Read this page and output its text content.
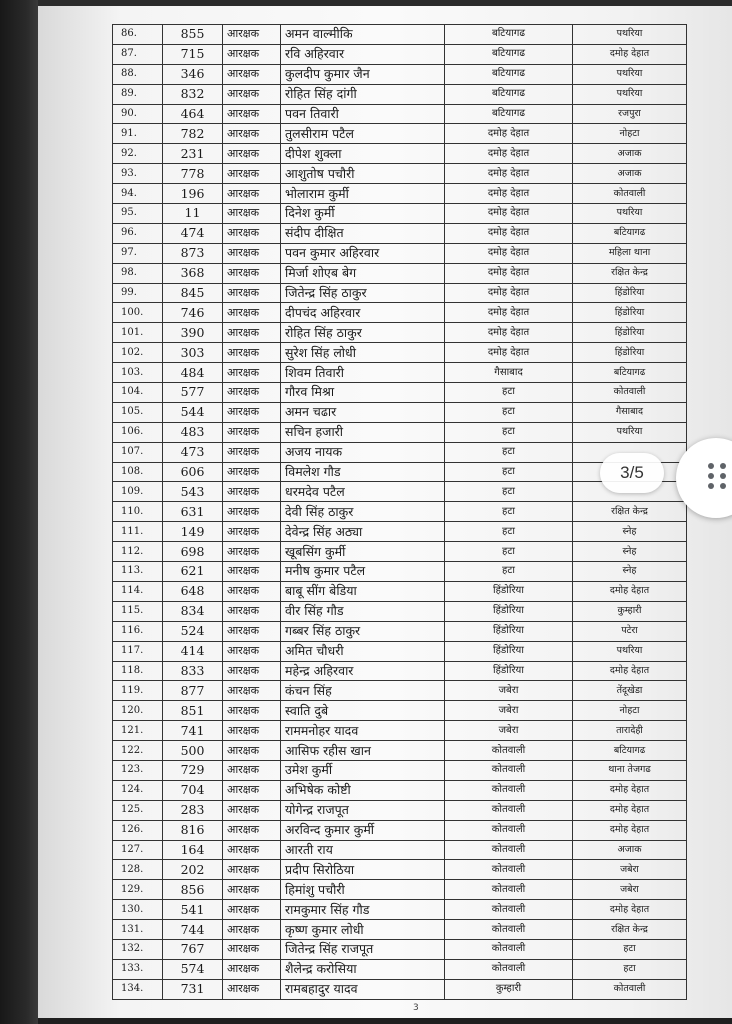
86.	855	आरक्षक	अमन वाल्मीकि	बटियागढ	पथरिया
87.	715	आरक्षक	रवि अहिरवार	बटियागढ	दमोह देहात
88.	346	आरक्षक	कुलदीप कुमार जैन	बटियागढ	पथरिया
89.	832	आरक्षक	रोहित सिंह दांगी	बटियागढ	पथरिया
90.	464	आरक्षक	पवन तिवारी	बटियागढ	रजपुरा
91.	782	आरक्षक	तुलसीराम पटैल	दमोह देहात	नोहटा
92.	231	आरक्षक	दीपेश शुक्ला	दमोह देहात	अजाक
93.	778	आरक्षक	आशुतोष पचौरी	दमोह देहात	अजाक
94.	196	आरक्षक	भोलाराम कुर्मी	दमोह देहात	कोतवाली
95.	11	आरक्षक	दिनेश कुर्मी	दमोह देहात	पथरिया
96.	474	आरक्षक	संदीप दीक्षित	दमोह देहात	बटियागढ
97.	873	आरक्षक	पवन कुमार अहिरवार	दमोह देहात	महिला थाना
98.	368	आरक्षक	मिर्जा शोएब बेग	दमोह देहात	रक्षित केन्द्र
99.	845	आरक्षक	जितेन्द्र सिंह ठाकुर	दमोह देहात	हिंडोरिया
100.	746	आरक्षक	दीपचंद अहिरवार	दमोह देहात	हिंडोरिया
101.	390	आरक्षक	रोहित सिंह ठाकुर	दमोह देहात	हिंडोरिया
102.	303	आरक्षक	सुरेश सिंह लोधी	दमोह देहात	हिंडोरिया
103.	484	आरक्षक	शिवम तिवारी	गैसाबाद	बटियागढ
104.	577	आरक्षक	गौरव मिश्रा	हटा	कोतवाली
105.	544	आरक्षक	अमन चढार	हटा	गैसाबाद
106.	483	आरक्षक	सचिन हजारी	हटा	पथरिया
107.	473	आरक्षक	अजय नायक	हटा	
108.	606	आरक्षक	विमलेश गौड	हटा	
109.	543	आरक्षक	धरमदेव पटैल	हटा	
110.	631	आरक्षक	देवी सिंह ठाकुर	हटा	रक्षित केन्द्र
111.	149	आरक्षक	देवेन्द्र सिंह अठ्या	हटा	स्नेह
112.	698	आरक्षक	खूबसिंग कुर्मी	हटा	स्नेह
113.	621	आरक्षक	मनीष कुमार पटैल	हटा	स्नेह
114.	648	आरक्षक	बाबू सींग बेडिया	हिंडोरिया	दमोह देहात
115.	834	आरक्षक	वीर सिंह गौड	हिंडोरिया	कुम्हारी
116.	524	आरक्षक	गब्बर सिंह ठाकुर	हिंडोरिया	पटेरा
117.	414	आरक्षक	अमित चौधरी	हिंडोरिया	पथरिया
118.	833	आरक्षक	महेन्द्र अहिरवार	हिंडोरिया	दमोह देहात
119.	877	आरक्षक	कंचन सिंह	जबेरा	तेंदूखेडा
120.	851	आरक्षक	स्वाति दुबे	जबेरा	नोहटा
121.	741	आरक्षक	राममनोहर यादव	जबेरा	तारादेही
122.	500	आरक्षक	आसिफ रहीस खान	कोतवाली	बटियागढ
123.	729	आरक्षक	उमेश कुर्मी	कोतवाली	थाना तेजगढ
124.	704	आरक्षक	अभिषेक कोष्टी	कोतवाली	दमोह देहात
125.	283	आरक्षक	योगेन्द्र राजपूत	कोतवाली	दमोह देहात
126.	816	आरक्षक	अरविन्द कुमार कुर्मी	कोतवाली	दमोह देहात
127.	164	आरक्षक	आरती राय	कोतवाली	अजाक
128.	202	आरक्षक	प्रदीप सिरोठिया	कोतवाली	जबेरा
129.	856	आरक्षक	हिमांशु पचौरी	कोतवाली	जबेरा
130.	541	आरक्षक	रामकुमार सिंह गौड	कोतवाली	दमोह देहात
131.	744	आरक्षक	कृष्ण कुमार लोधी	कोतवाली	रक्षित केन्द्र
132.	767	आरक्षक	जितेन्द्र सिंह राजपूत	कोतवाली	हटा
133.	574	आरक्षक	शैलेन्द्र करोसिया	कोतवाली	हटा
134.	731	आरक्षक	रामबहादुर यादव	कुम्हारी	कोतवाली
3
3/5
